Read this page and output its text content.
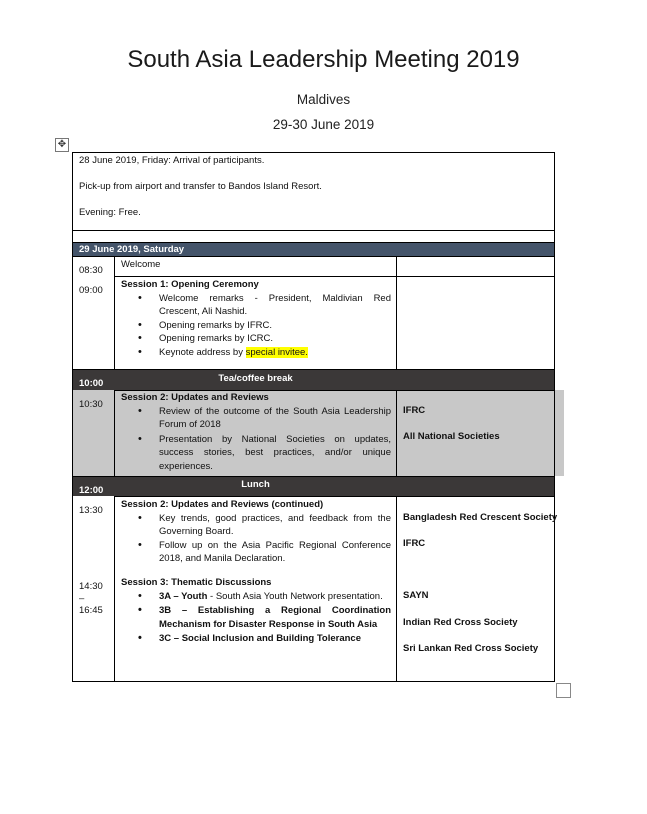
South Asia Leadership Meeting 2019
Maldives
29-30 June 2019
✥
29 June 2019, Saturday
10:00	Tea/coffee break
12:00
Lunch
28 June 2019, Friday: Arrival of participants.
Pick-up from airport and transfer to Bandos Island Resort.
Evening: Free.
08:30
Welcome
09:00
Session 1: Opening Ceremony
• Welcome remarks - President, Maldivian Red Crescent, Ali Nashid.
• Opening remarks by IFRC.
• Opening remarks by ICRC.
• Keynote address by special invitee.
10:30
Session 2: Updates and Reviews
• Review of the outcome of the South Asia Leadership Forum of 2018
• Presentation by National Societies on updates, success stories, best practices, and/or unique experiences.
IFRC
All National Societies
13:30
Session 2: Updates and Reviews (continued)
• Key trends, good practices, and feedback from the Governing Board.
• Follow up on the Asia Pacific Regional Conference 2018, and Manila Declaration.
Bangladesh Red Crescent Society
IFRC
14:30
–
16:45
Session 3: Thematic Discussions
• 3A – Youth - South Asia Youth Network presentation.
• 3B – Establishing a Regional Coordination Mechanism for Disaster Response in South Asia
• 3C – Social Inclusion and Building Tolerance
SAYN
Indian Red Cross Society
Sri Lankan Red Cross Society
